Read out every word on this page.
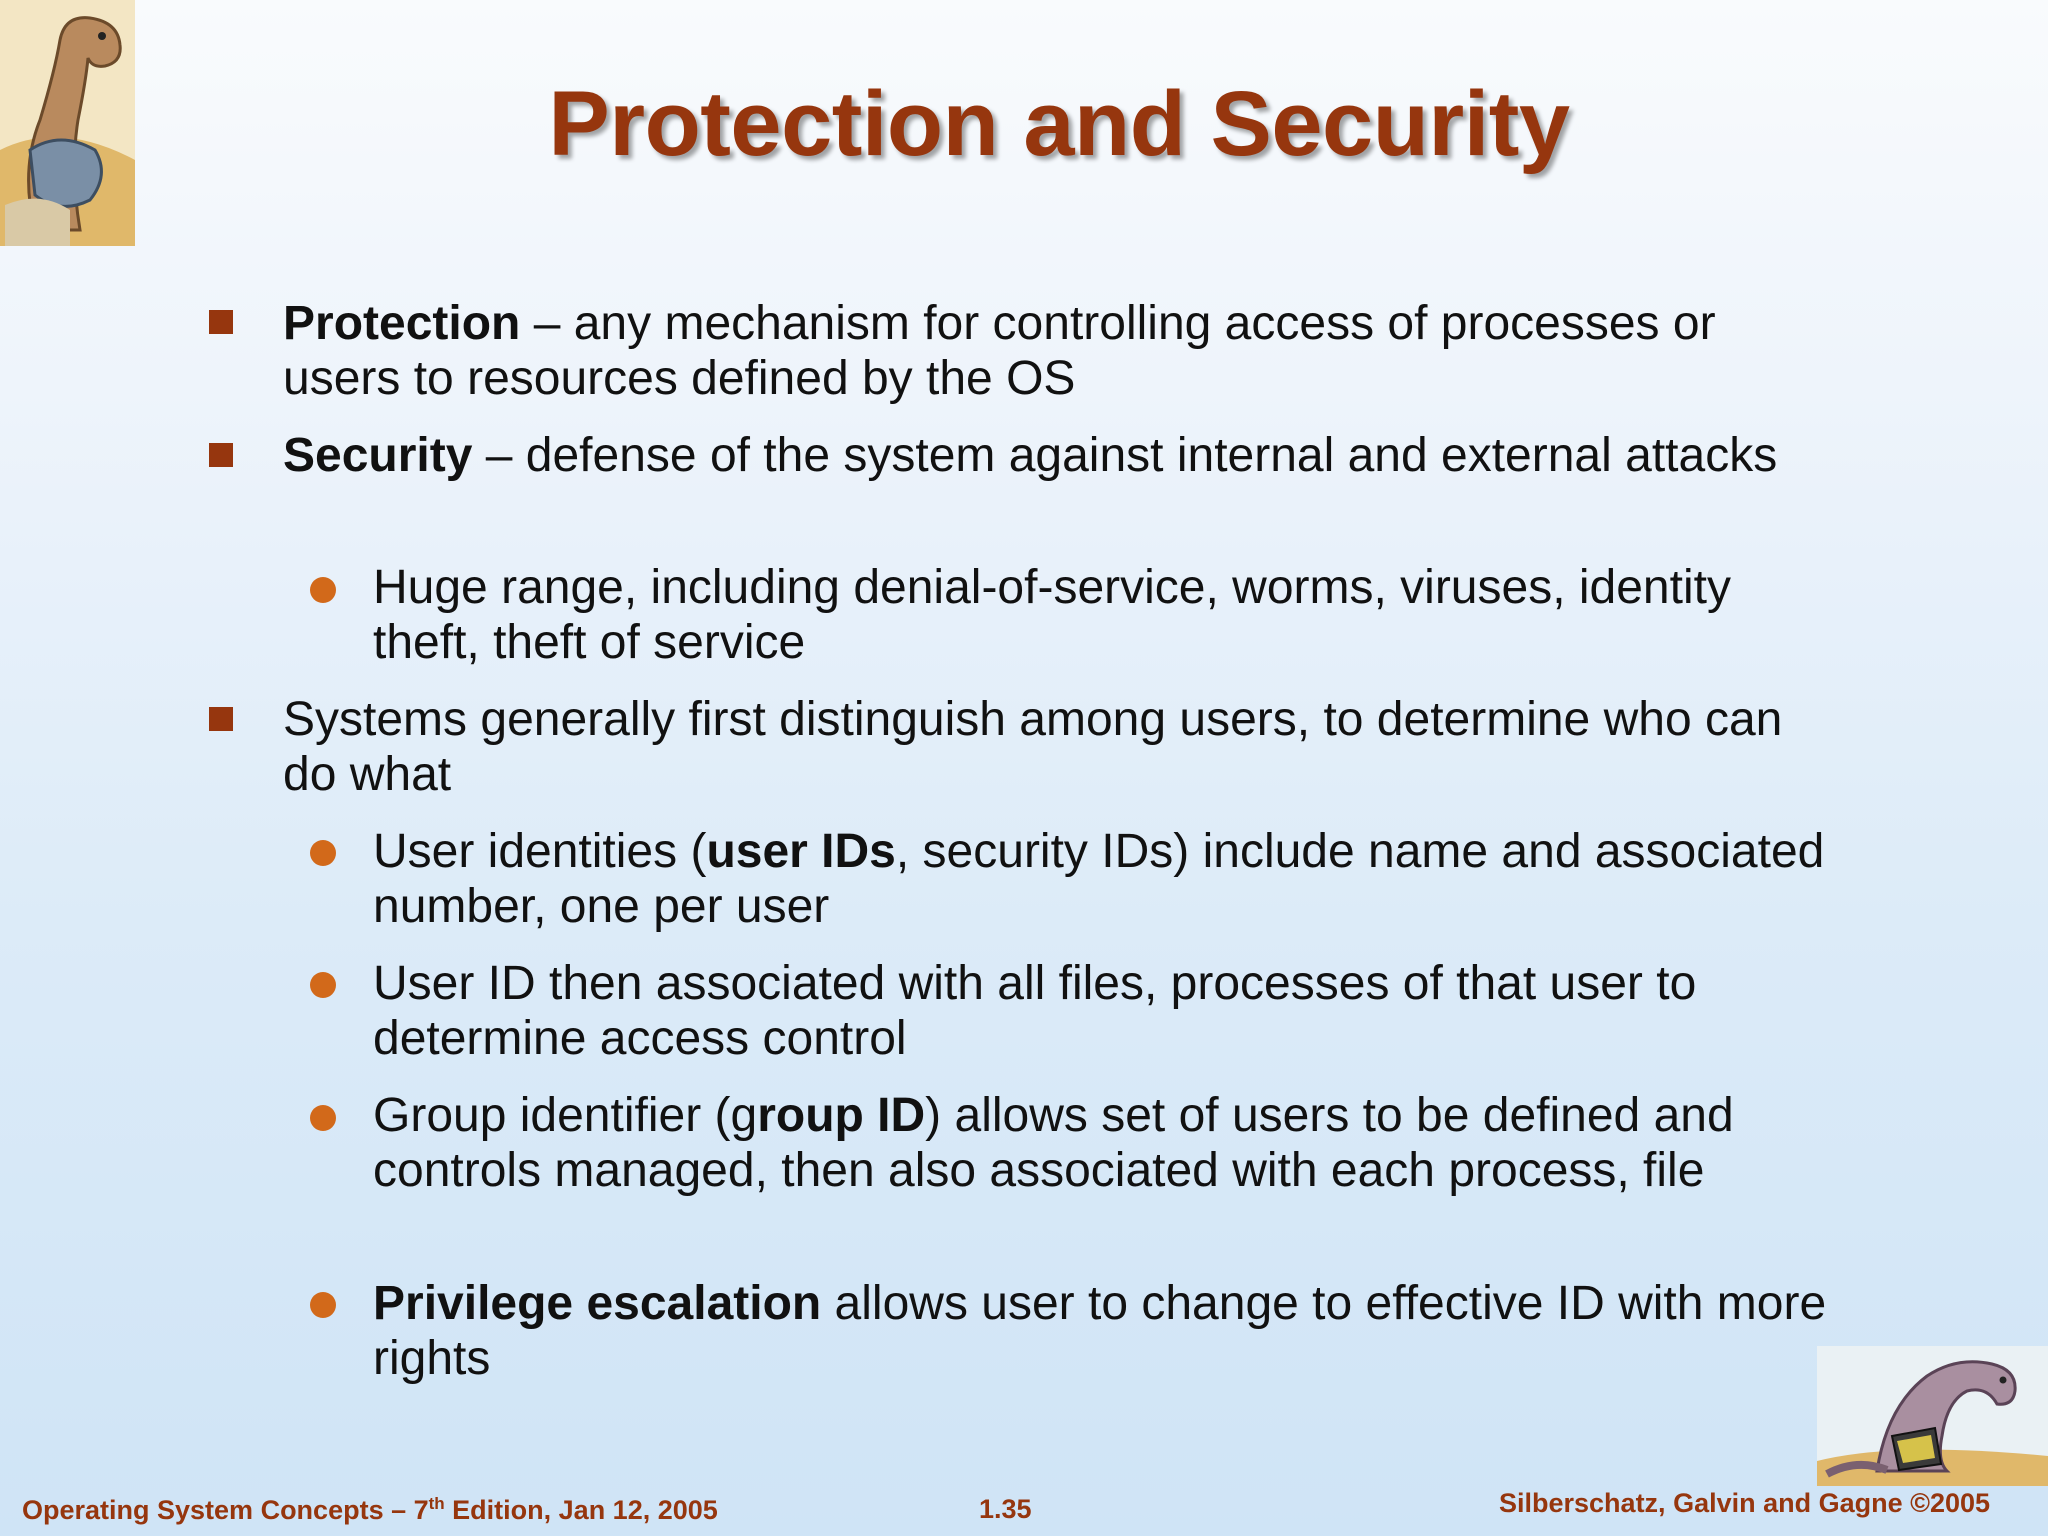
Protection and Security
Protection – any mechanism for controlling access of processes or users to resources defined by the OS
Security – defense of the system against internal and external attacks
Huge range, including denial-of-service, worms, viruses, identity theft, theft of service
Systems generally first distinguish among users, to determine who can do what
User identities (user IDs, security IDs) include name and associated number, one per user
User ID then associated with all files, processes of that user to determine access control
Group identifier (group ID) allows set of users to be defined and controls managed, then also associated with each process, file
Privilege escalation allows user to change to effective ID with more rights
Operating System Concepts – 7th Edition, Jan 12, 2005	1.35	Silberschatz, Galvin and Gagne ©2005
